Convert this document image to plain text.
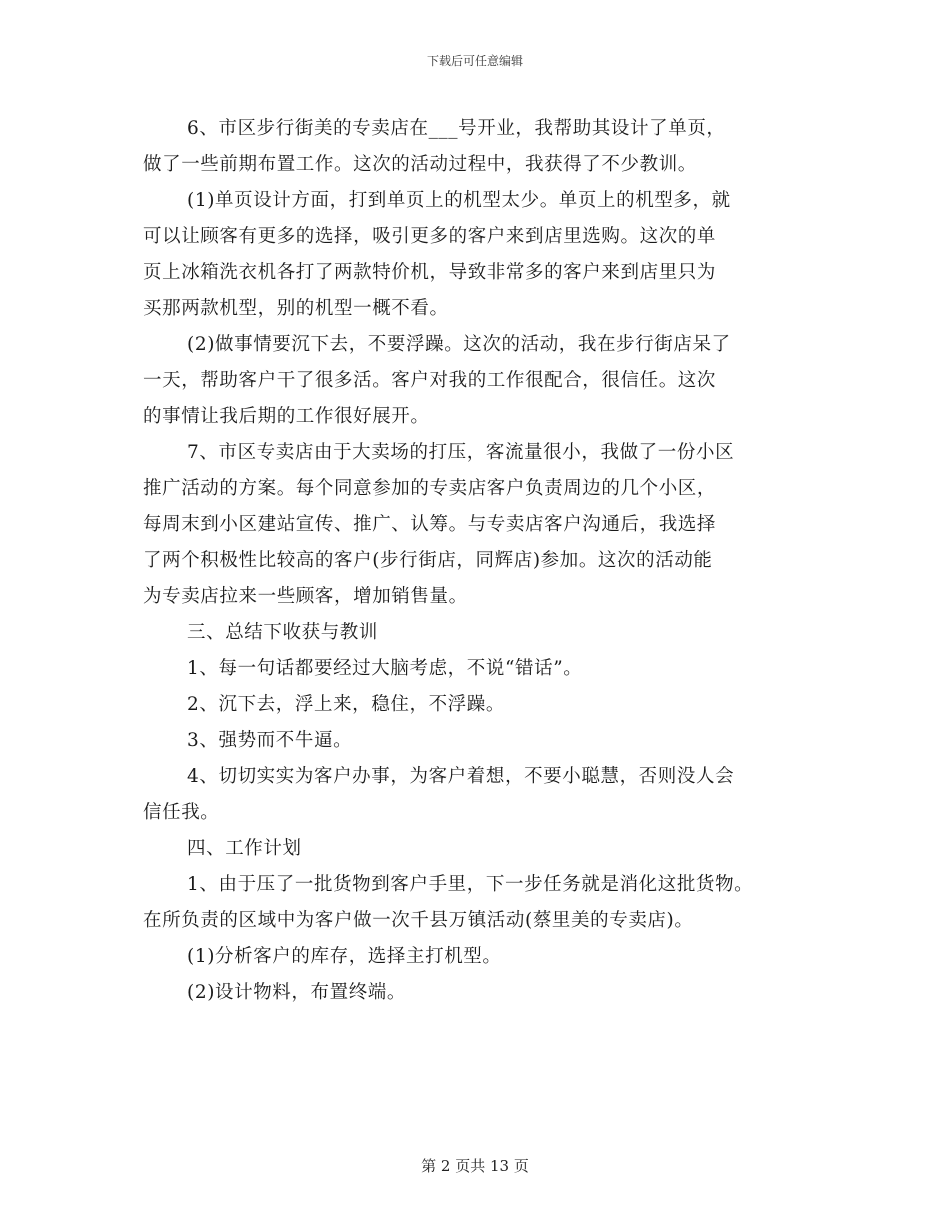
下载后可任意编辑
6、市区步行街美的专卖店在___号开业，我帮助其设计了单页，
做了一些前期布置工作。这次的活动过程中，我获得了不少教训。
(1)单页设计方面，打到单页上的机型太少。单页上的机型多，就
可以让顾客有更多的选择，吸引更多的客户来到店里选购。这次的单
页上冰箱洗衣机各打了两款特价机，导致非常多的客户来到店里只为
买那两款机型，别的机型一概不看。
(2)做事情要沉下去，不要浮躁。这次的活动，我在步行街店呆了
一天，帮助客户干了很多活。客户对我的工作很配合，很信任。这次
的事情让我后期的工作很好展开。
7、市区专卖店由于大卖场的打压，客流量很小，我做了一份小区
推广活动的方案。每个同意参加的专卖店客户负责周边的几个小区，
每周末到小区建站宣传、推广、认筹。与专卖店客户沟通后，我选择
了两个积极性比较高的客户(步行街店，同辉店)参加。这次的活动能
为专卖店拉来一些顾客，增加销售量。
三、总结下收获与教训
1、每一句话都要经过大脑考虑，不说“错话”。
2、沉下去，浮上来，稳住，不浮躁。
3、强势而不牛逼。
4、切切实实为客户办事，为客户着想，不要小聪慧，否则没人会
信任我。
四、工作计划
1、由于压了一批货物到客户手里，下一步任务就是消化这批货物。
在所负责的区域中为客户做一次千县万镇活动(蔡里美的专卖店)。
(1)分析客户的库存，选择主打机型。
(2)设计物料，布置终端。
第 2 页共 13 页
